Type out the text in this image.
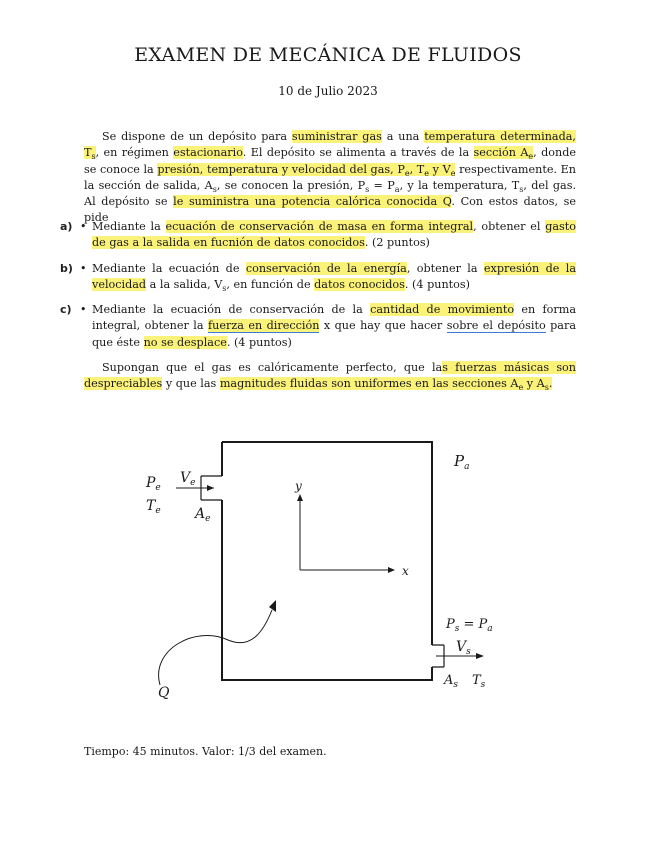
EXAMEN DE MECÁNICA DE FLUIDOS
10 de Julio 2023
Se dispone de un depósito para suministrar gas a una temperatura determinada, $T_s$, en régimen estacionario. El depósito se alimenta a través de la sección $A_e$, donde se conoce la presión, temperatura y velocidad del gas, $P_e$, $T_e$ y $V_e$ respectivamente. En la sección de salida, $A_s$, se conocen la presión, $P_s = P_a$, y la temperatura, $T_s$, del gas. Al depósito se le suministra una potencia calórica conocida Q. Con estos datos, se pide
a) • Mediante la ecuación de conservación de masa en forma integral, obtener el gasto de gas a la salida en fucnión de datos conocidos. (2 puntos)
b) • Mediante la ecuación de conservación de la energía, obtener la expresión de la velocidad a la salida, $V_s$, en función de datos conocidos. (4 puntos)
c) • Mediante la ecuación de conservación de la cantidad de movimiento en forma integral, obtener la fuerza en dirección x que hay que hacer sobre el depósito para que éste no se desplace. (4 puntos)
Supongan que el gas es calóricamente perfecto, que las fuerzas másicas son despreciables y que las magnitudes fluidas son uniformes en las secciones $A_e$ y $A_s$.
$P_e$
$T_e$
$V_e$
$A_e$
$P_a$
y
x
$P_s = P_a$
$V_s$
$A_s$ $T_s$
Q
Tiempo: 45 minutos. Valor: 1/3 del examen.
